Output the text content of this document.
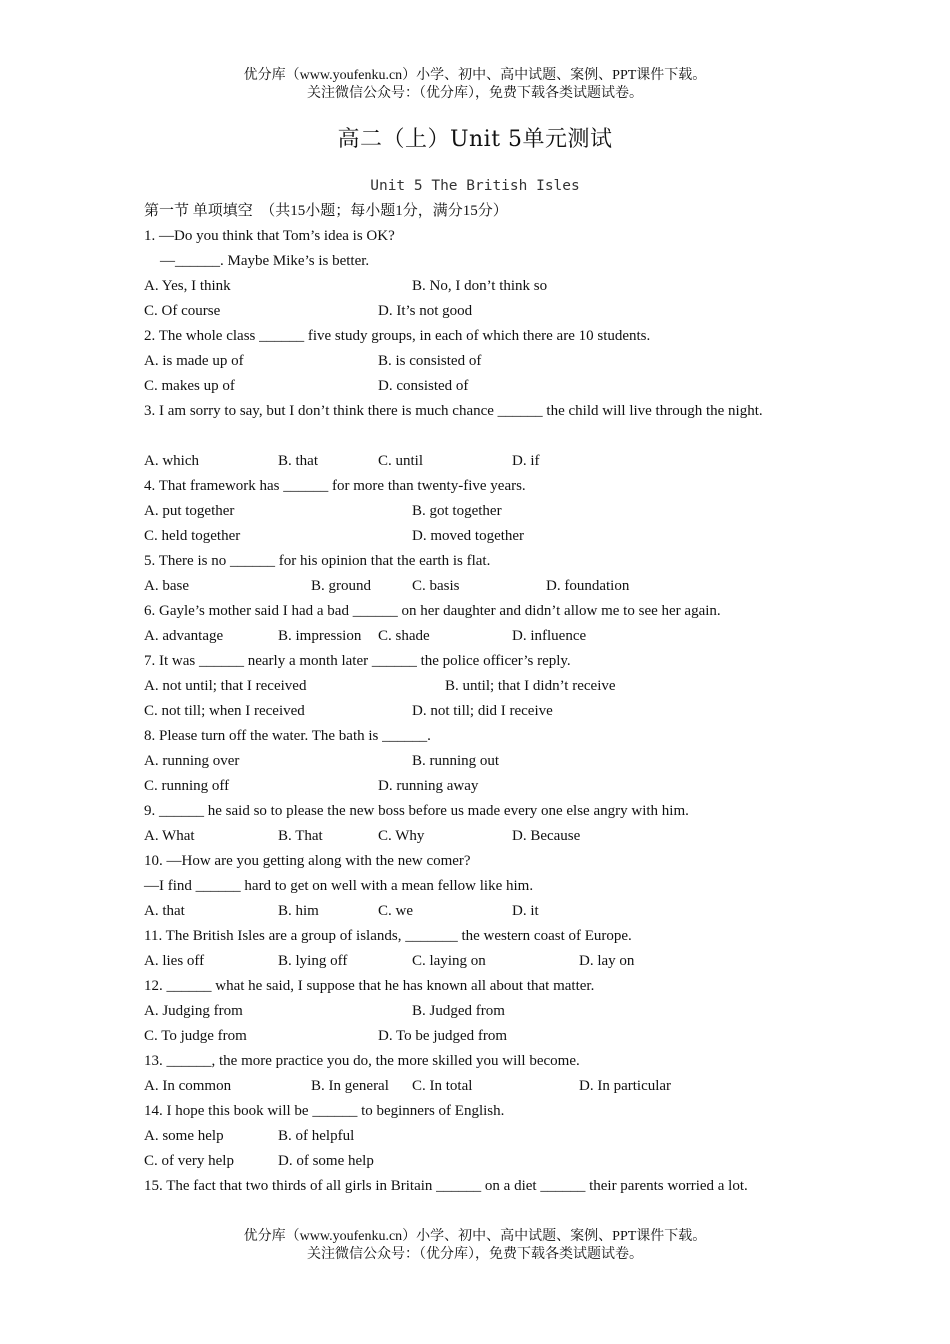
优分库（www.youfenku.cn）小学、初中、高中试题、案例、PPT课件下载。
关注微信公众号：（优分库），免费下载各类试题试卷。
高二（上）Unit 5单元测试
Unit 5 The British Isles
第一节 单项填空　（共15小题；每小题1分，满分15分）
1. —Do you think that Tom’s idea is OK?
—______. Maybe Mike’s is better.
A. Yes, I think	B. No, I don’t think so
C. Of course	D. It’s not good
2. The whole class ______ five study groups, in each of which there are 10 students.
A. is made up of	B. is consisted of
C. makes up of	D. consisted of
3. I am sorry to say, but I don’t think there is much chance ______ the child will live through the night.
A. which	B. that	C. until	D. if
4. That framework has ______ for more than twenty-five years.
A. put together	B. got together
C. held together	D. moved together
5. There is no ______ for his opinion that the earth is flat.
A. base	B. ground	C. basis	D. foundation
6. Gayle’s mother said I had a bad ______ on her daughter and didn’t allow me to see her again.
A. advantage	B. impression C. shade	D. influence
7. It was ______ nearly a month later ______ the police officer’s reply.
A. not until; that I received	B. until; that I didn’t receive
C. not till; when I received	D. not till; did I receive
8. Please turn off the water. The bath is ______.
A. running over	B. running out
C. running off	D. running away
9. ______ he said so to please the new boss before us made every one else angry with him.
A. What	B. That	C. Why	D. Because
10. —How are you getting along with the new comer?
—I find ______ hard to get on well with a mean fellow like him.
A. that	B. him	C. we	D. it
11. The British Isles are a group of islands, _______ the western coast of Europe.
A. lies off	B. lying off	C. laying on	D. lay on
12. ______ what he said, I suppose that he has known all about that matter.
A. Judging from	B. Judged from
C. To judge from	D. To be judged from
13. ______, the more practice you do, the more skilled you will become.
A. In common	B. In general C. In total	D. In particular
14. I hope this book will be ______ to beginners of English.
A. some help	B. of helpful
C. of very help	D. of some help
15. The fact that two thirds of all girls in Britain ______ on a diet ______ their parents worried a lot.
优分库（www.youfenku.cn）小学、初中、高中试题、案例、PPT课件下载。
关注微信公众号：（优分库），免费下载各类试题试卷。
